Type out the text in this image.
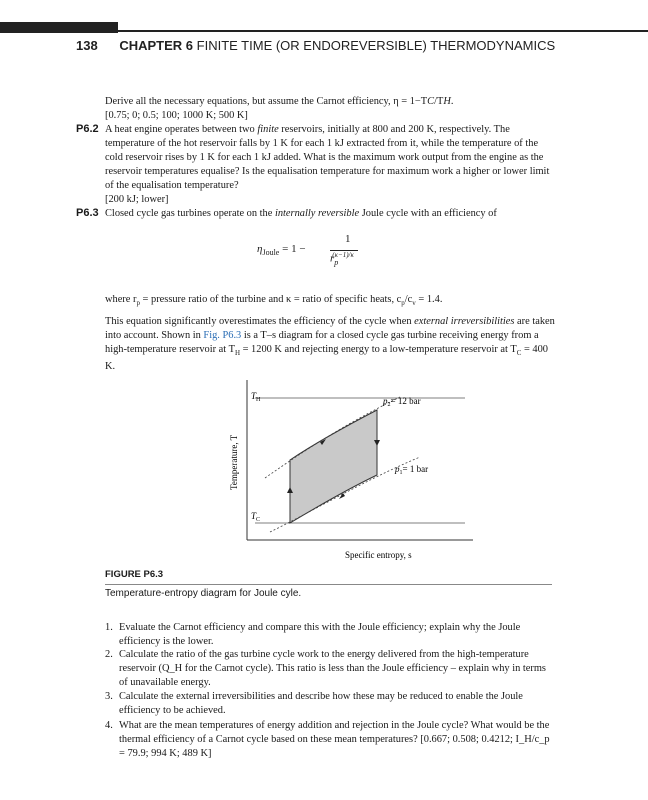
138 CHAPTER 6 FINITE TIME (OR ENDOREVERSIBLE) THERMODYNAMICS
Derive all the necessary equations, but assume the Carnot efficiency, η = 1−TC/TH.
[0.75; 0; 0.5; 100; 1000 K; 500 K]
P6.2 A heat engine operates between two finite reservoirs, initially at 800 and 200 K, respectively. The temperature of the hot reservoir falls by 1 K for each 1 kJ extracted from it, while the temperature of the cold reservoir rises by 1 K for each 1 kJ added. What is the maximum work output from the engine as the reservoir temperatures equalise? Is the equalisation temperature for maximum work a higher or lower limit of the equalisation temperature?
[200 kJ; lower]
P6.3 Closed cycle gas turbines operate on the internally reversible Joule cycle with an efficiency of
$\eta_{Joule} = 1$ −
1
$r_p^{(\kappa-1)/\kappa}$
where $r_p$ = pressure ratio of the turbine and κ = ratio of specific heats, $c_p/c_v = 1.4$.
This equation significantly overestimates the efficiency of the cycle when external irreversibilities are taken into account. Shown in Fig. P6.3 is a T–s diagram for a closed cycle gas turbine receiving energy from a high-temperature reservoir at $T_H = 1200$ K and rejecting energy to a low-temperature reservoir at $T_C = 400$ K.
$T_H$
$T_C$
$p_2= 12$ bar
$p_1= 1$ bar
Specific entropy, s
Temperature, T
FIGURE P6.3
Temperature-entropy diagram for Joule cyle.
1. Evaluate the Carnot efficiency and compare this with the Joule efficiency; explain why the Joule efficiency is the lower.
2. Calculate the ratio of the gas turbine cycle work to the energy delivered from the high-temperature reservoir (Q_H for the Carnot cycle). This ratio is less than the Joule efficiency – explain why in terms of unavailable energy.
3. Calculate the external irreversibilities and describe how these may be reduced to enable the Joule efficiency to be achieved.
4. What are the mean temperatures of energy addition and rejection in the Joule cycle? What would be the thermal efficiency of a Carnot cycle based on these mean temperatures? [0.667; 0.508; 0.4212; I_H/c_p = 79.9; 994 K; 489 K]
